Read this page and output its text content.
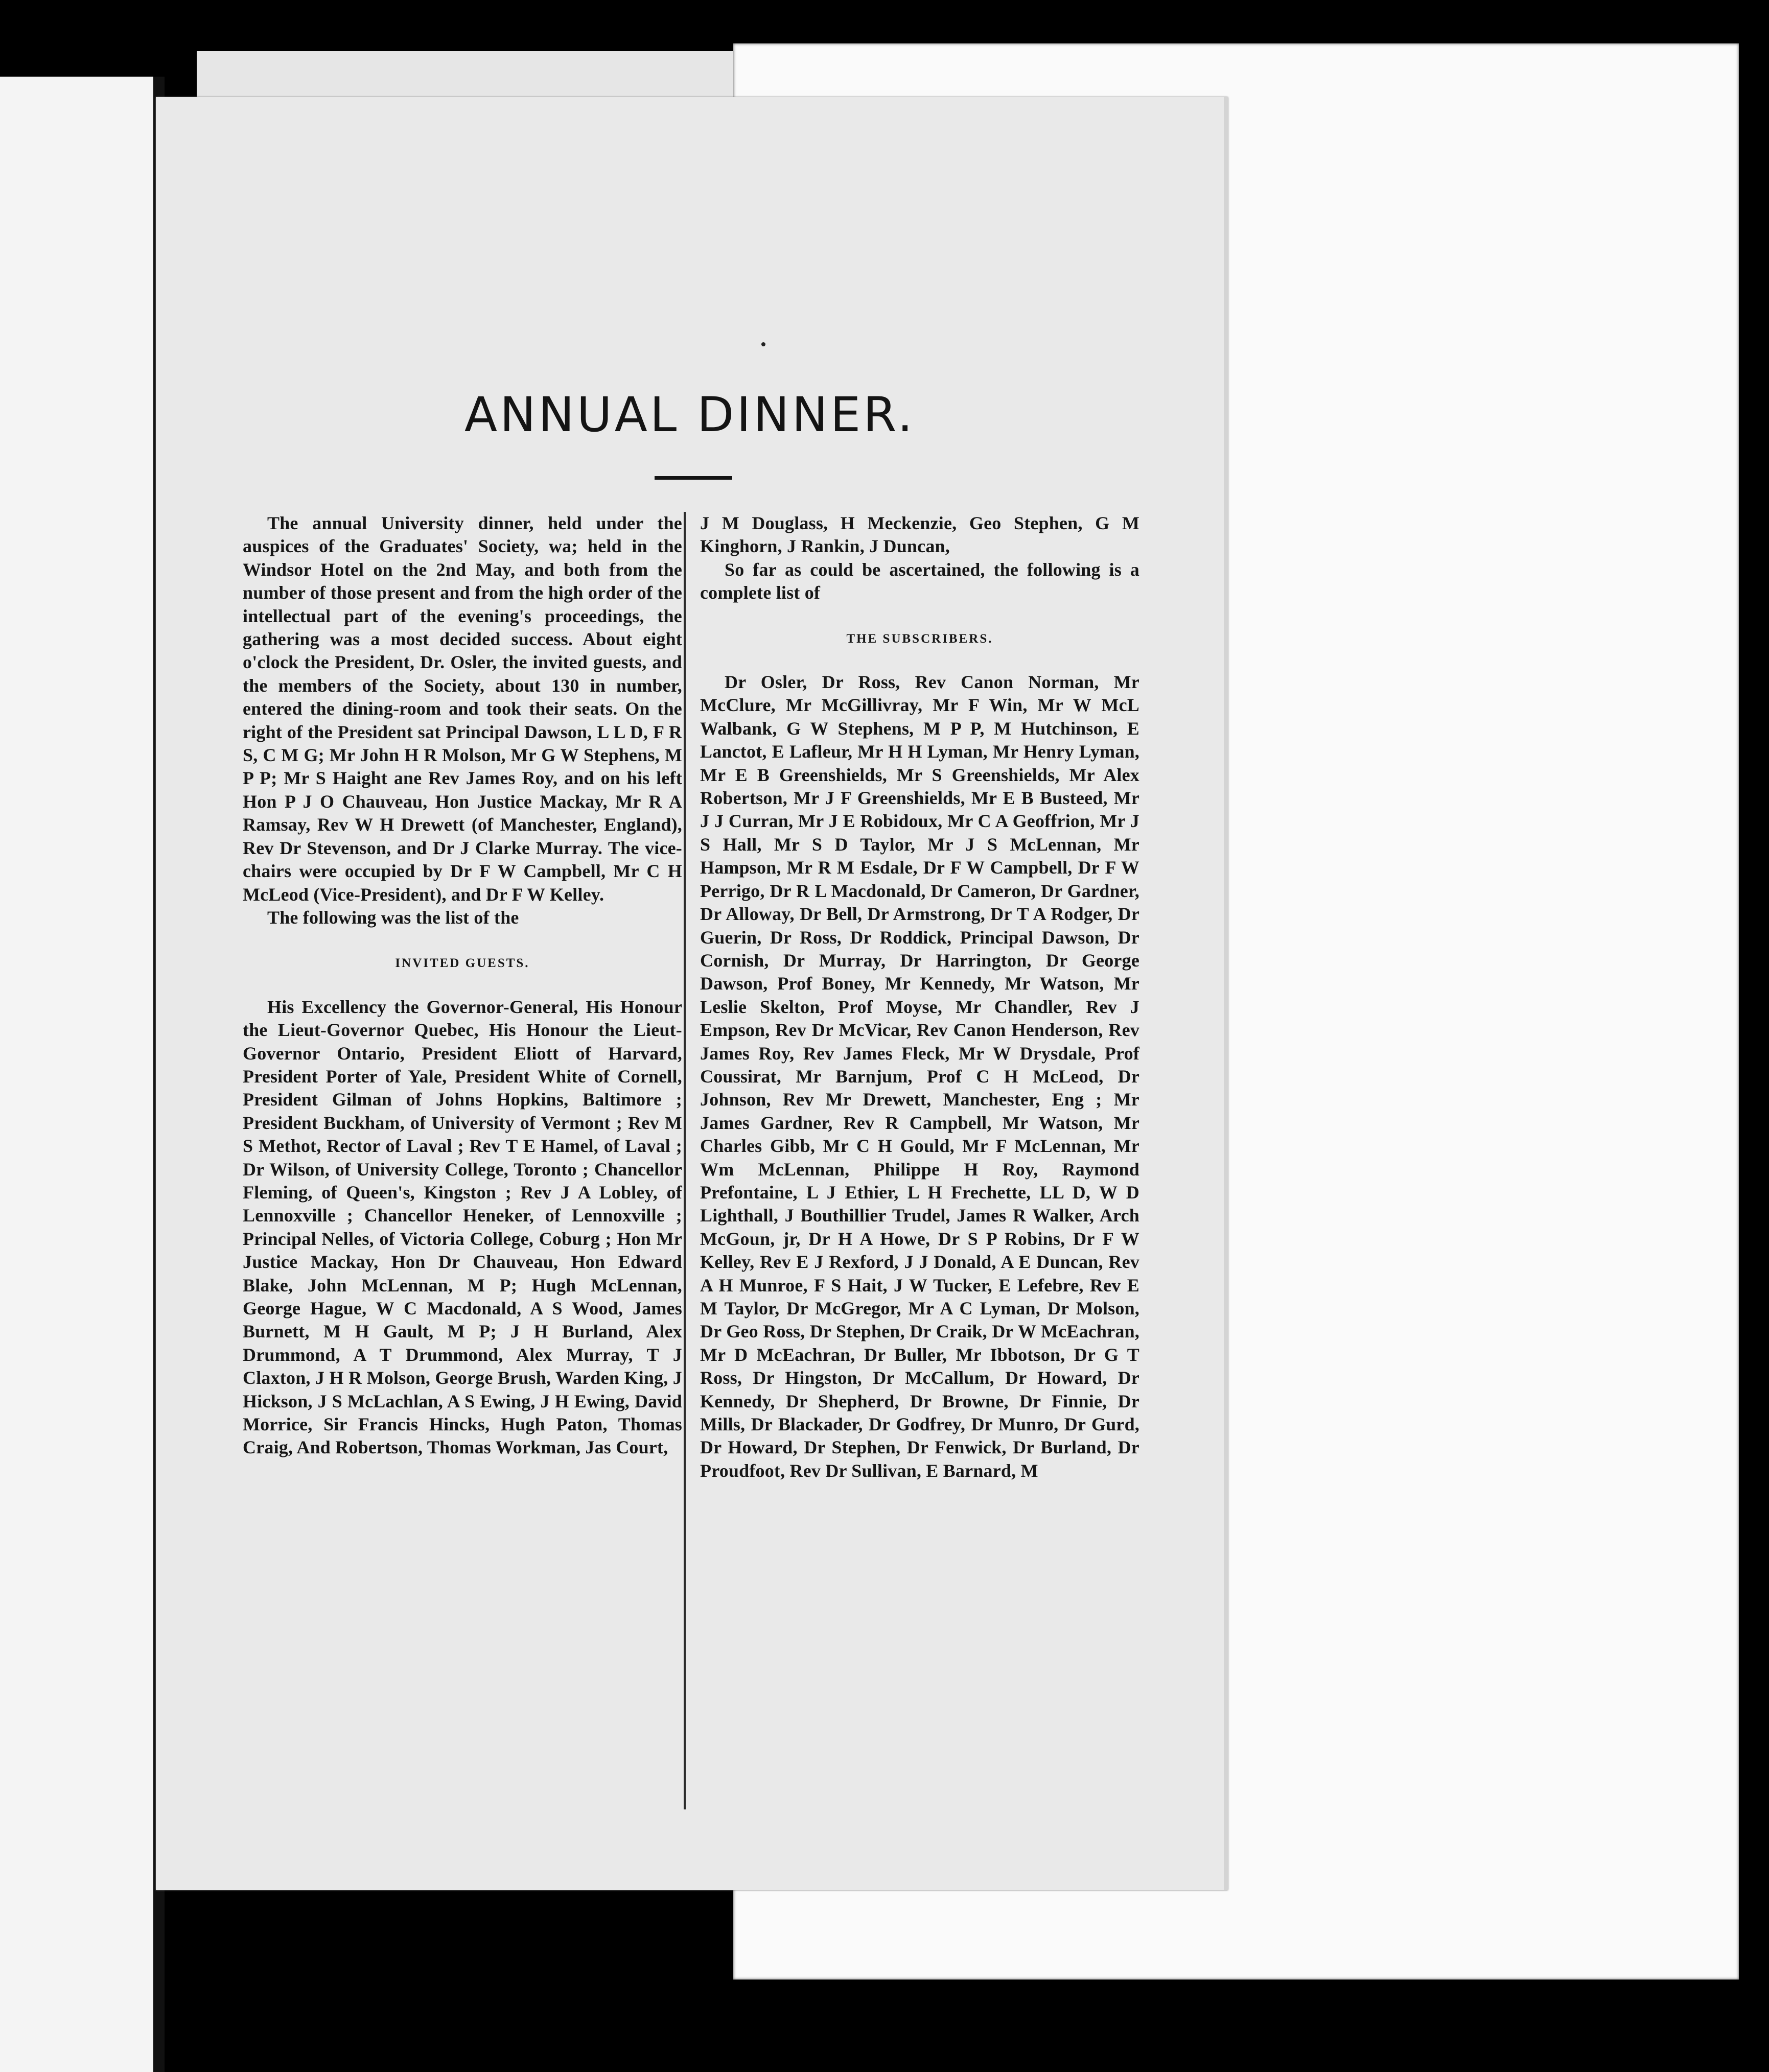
ANNUAL DINNER.

The annual University dinner, held under the auspices of the Graduates' Society, wa; held in the Windsor Hotel on the 2nd May, and both from the number of those present and from the high order of the intellectual part of the evening's proceedings, the gathering was a most decided success. About eight o'clock the President, Dr. Osler, the invited guests, and the members of the Society, about 130 in number, entered the dining-room and took their seats. On the right of the President sat Principal Dawson, L L D, F R S, C M G; Mr John H R Molson, Mr G W Stephens, M P P; Mr S Haight ane Rev James Roy, and on his left Hon P J O Chauveau, Hon Justice Mackay, Mr R A Ramsay, Rev W H Drewett (of Manchester, England), Rev Dr Stevenson, and Dr J Clarke Murray. The vice-chairs were occupied by Dr F W Campbell, Mr C H McLeod (Vice-President), and Dr F W Kelley.

The following was the list of the

INVITED GUESTS.

His Excellency the Governor-General, His Honour the Lieut-Governor Quebec, His Honour the Lieut-Governor Ontario, President Eliott of Harvard, President Porter of Yale, President White of Cornell, President Gilman of Johns Hopkins, Baltimore ; President Buckham, of University of Vermont ; Rev M S Methot, Rector of Laval ; Rev T E Hamel, of Laval ; Dr Wilson, of University College, Toronto ; Chancellor Fleming, of Queen's, Kingston ; Rev J A Lobley, of Lennoxville ; Chancellor Heneker, of Lennoxville ; Principal Nelles, of Victoria College, Coburg ; Hon Mr Justice Mackay, Hon Dr Chauveau, Hon Edward Blake, John McLennan, M P; Hugh McLennan, George Hague, W C Macdonald, A S Wood, James Burnett, M H Gault, M P; J H Burland, Alex Drummond, A T Drummond, Alex Murray, T J Claxton, J H R Molson, George Brush, Warden King, J Hickson, J S McLachlan, A S Ewing, J H Ewing, David Morrice, Sir Francis Hincks, Hugh Paton, Thomas Craig, And Robertson, Thomas Workman, Jas Court,

J M Douglass, H Meckenzie, Geo Stephen, G M Kinghorn, J Rankin, J Duncan,

So far as could be ascertained, the following is a complete list of

THE SUBSCRIBERS.

Dr Osler, Dr Ross, Rev Canon Norman, Mr McClure, Mr McGillivray, Mr F Win, Mr W McL Walbank, G W Stephens, M P P, M Hutchinson, E Lanctot, E Lafleur, Mr H H Lyman, Mr Henry Lyman, Mr E B Greenshields, Mr S Greenshields, Mr Alex Robertson, Mr J F Greenshields, Mr E B Busteed, Mr J J Curran, Mr J E Robidoux, Mr C A Geoffrion, Mr J S Hall, Mr S D Taylor, Mr J S McLennan, Mr Hampson, Mr R M Esdale, Dr F W Campbell, Dr F W Perrigo, Dr R L Macdonald, Dr Cameron, Dr Gardner, Dr Alloway, Dr Bell, Dr Armstrong, Dr T A Rodger, Dr Guerin, Dr Ross, Dr Roddick, Principal Dawson, Dr Cornish, Dr Murray, Dr Harrington, Dr George Dawson, Prof Boney, Mr Kennedy, Mr Watson, Mr Leslie Skelton, Prof Moyse, Mr Chandler, Rev J Empson, Rev Dr McVicar, Rev Canon Henderson, Rev James Roy, Rev James Fleck, Mr W Drysdale, Prof Coussirat, Mr Barnjum, Prof C H McLeod, Dr Johnson, Rev Mr Drewett, Manchester, Eng ; Mr James Gardner, Rev R Campbell, Mr Watson, Mr Charles Gibb, Mr C H Gould, Mr F McLennan, Mr Wm McLennan, Philippe H Roy, Raymond Prefontaine, L J Ethier, L H Frechette, LL D, W D Lighthall, J Bouthillier Trudel, James R Walker, Arch McGoun, jr, Dr H A Howe, Dr S P Robins, Dr F W Kelley, Rev E J Rexford, J J Donald, A E Duncan, Rev A H Munroe, F S Hait, J W Tucker, E Lefebre, Rev E M Taylor, Dr McGregor, Mr A C Lyman, Dr Molson, Dr Geo Ross, Dr Stephen, Dr Craik, Dr W McEachran, Mr D McEachran, Dr Buller, Mr Ibbotson, Dr G T Ross, Dr Hingston, Dr McCallum, Dr Howard, Dr Kennedy, Dr Shepherd, Dr Browne, Dr Finnie, Dr Mills, Dr Blackader, Dr Godfrey, Dr Munro, Dr Gurd, Dr Howard, Dr Stephen, Dr Fenwick, Dr Burland, Dr Proudfoot, Rev Dr Sullivan, E Barnard, M
